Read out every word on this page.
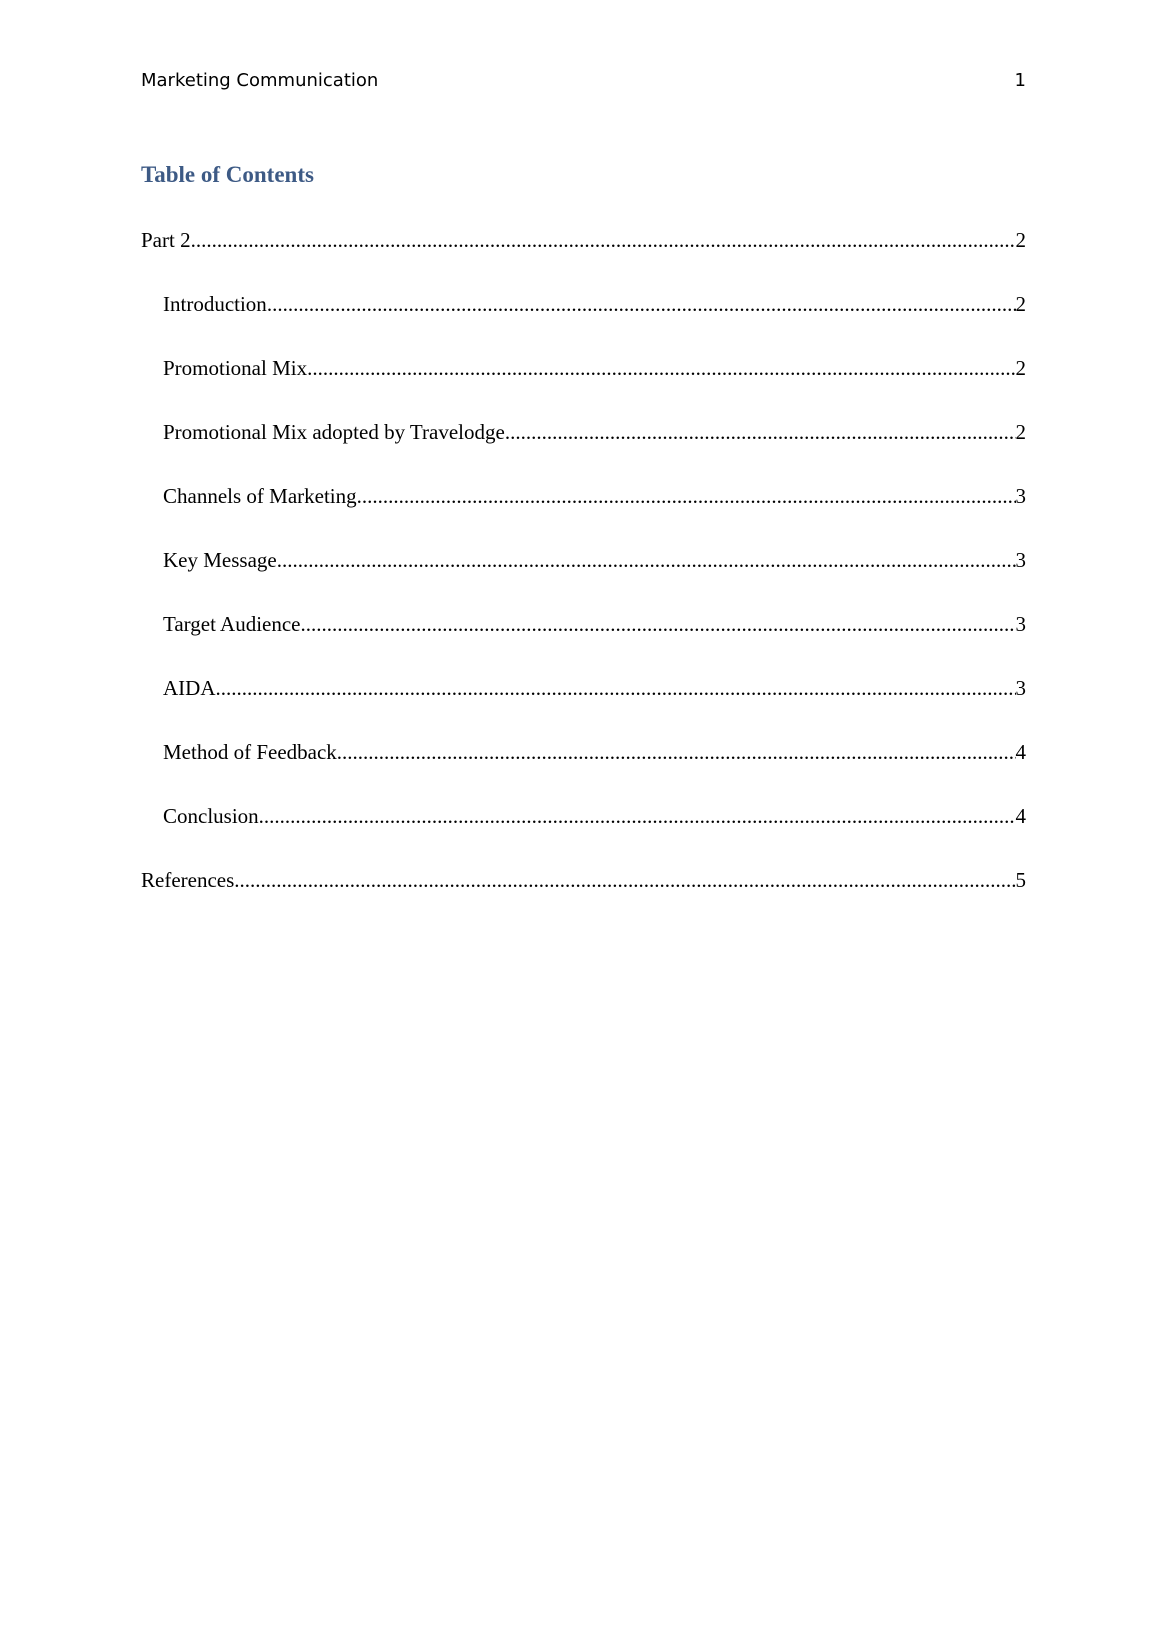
Marketing Communication	1
Table of Contents
Part 2 .....	2
Introduction .....	2
Promotional Mix .....	2
Promotional Mix adopted by Travelodge .....	2
Channels of Marketing .....	3
Key Message .....	3
Target Audience .....	3
AIDA .....	3
Method of Feedback .....	4
Conclusion .....	4
References .....	5
